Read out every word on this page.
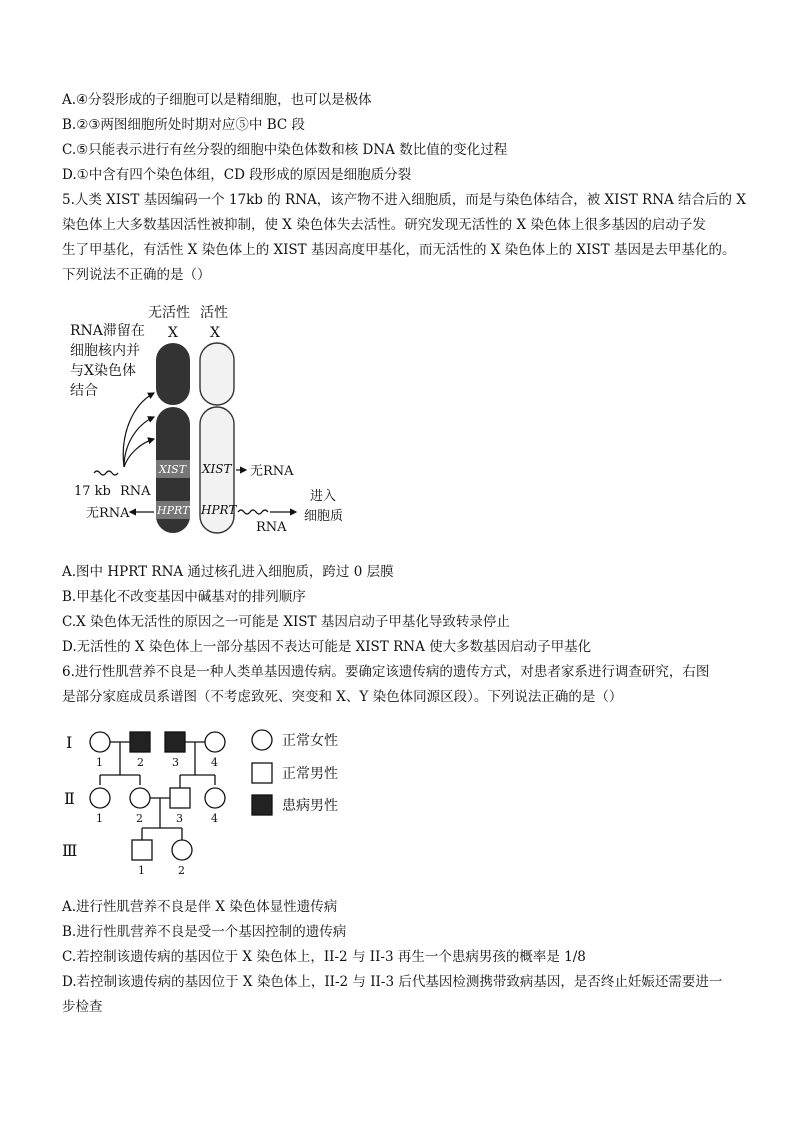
A.④分裂形成的子细胞可以是精细胞，也可以是极体
B.②③两图细胞所处时期对应⑤中 BC 段
C.⑤只能表示进行有丝分裂的细胞中染色体数和核 DNA 数比值的变化过程
D.①中含有四个染色体组，CD 段形成的原因是细胞质分裂
5.人类 XIST 基因编码一个 17kb 的 RNA，该产物不进入细胞质，而是与染色体结合，被 XIST RNA 结合后的 X
染色体上大多数基因活性被抑制，使 X 染色体失去活性。研究发现无活性的 X 染色体上很多基因的启动子发
生了甲基化，有活性 X 染色体上的 XIST 基因高度甲基化，而无活性的 X 染色体上的 XIST 基因是去甲基化的。
下列说法不正确的是（）
无活性 活性
X X
RNA滞留在
细胞核内并
与X染色体
结合
XIST
HPRT
XIST
HPRT
17 kb RNA
无RNA
无RNA
RNA
进入
细胞质
A.图中 HPRT RNA 通过核孔进入细胞质，跨过 0 层膜
B.甲基化不改变基因中碱基对的排列顺序
C.X 染色体无活性的原因之一可能是 XIST 基因启动子甲基化导致转录停止
D.无活性的 X 染色体上一部分基因不表达可能是 XIST RNA 使大多数基因启动子甲基化
6.进行性肌营养不良是一种人类单基因遗传病。要确定该遗传病的遗传方式，对患者家系进行调查研究，右图
是部分家庭成员系谱图（不考虑致死、突变和 X、Y 染色体同源区段）。下列说法正确的是（）
Ⅰ
Ⅱ
Ⅲ
1	2	3	4
1	2	3	4
1	2
正常女性
正常男性
患病男性
A.进行性肌营养不良是伴 X 染色体显性遗传病
B.进行性肌营养不良是受一个基因控制的遗传病
C.若控制该遗传病的基因位于 X 染色体上，II-2 与 II-3 再生一个患病男孩的概率是 1/8
D.若控制该遗传病的基因位于 X 染色体上，II-2 与 II-3 后代基因检测携带致病基因，是否终止妊娠还需要进一
步检查
